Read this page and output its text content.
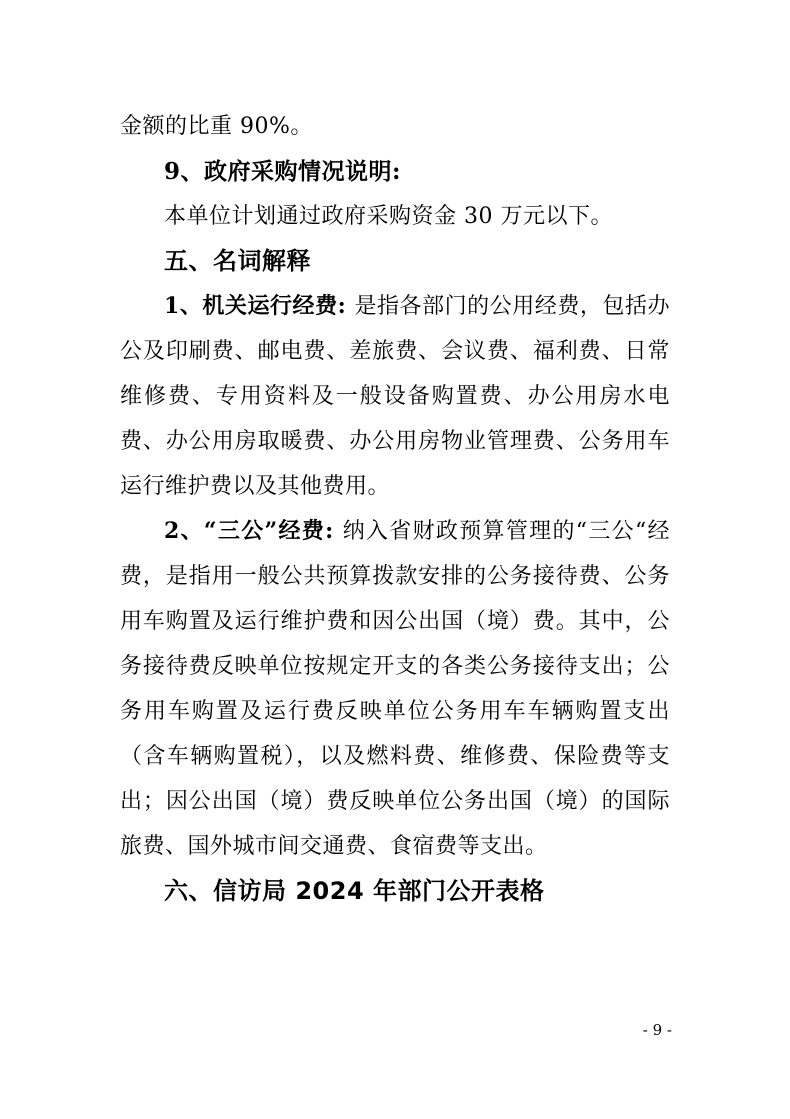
金额的比重 90%。

9、政府采购情况说明:

本单位计划通过政府采购资金 30 万元以下。

五、名词解释

1、机关运行经费: 是指各部门的公用经费，包括办公及印刷费、邮电费、差旅费、会议费、福利费、日常维修费、专用资料及一般设备购置费、办公用房水电费、办公用房取暖费、办公用房物业管理费、公务用车运行维护费以及其他费用。

2、“三公”经费: 纳入省财政预算管理的“三公“经费，是指用一般公共预算拨款安排的公务接待费、公务用车购置及运行维护费和因公出国（境）费。其中，公务接待费反映单位按规定开支的各类公务接待支出；公务用车购置及运行费反映单位公务用车车辆购置支出（含车辆购置税），以及燃料费、维修费、保险费等支出；因公出国（境）费反映单位公务出国（境）的国际旅费、国外城市间交通费、食宿费等支出。

六、信访局 2024 年部门公开表格
- 9 -
